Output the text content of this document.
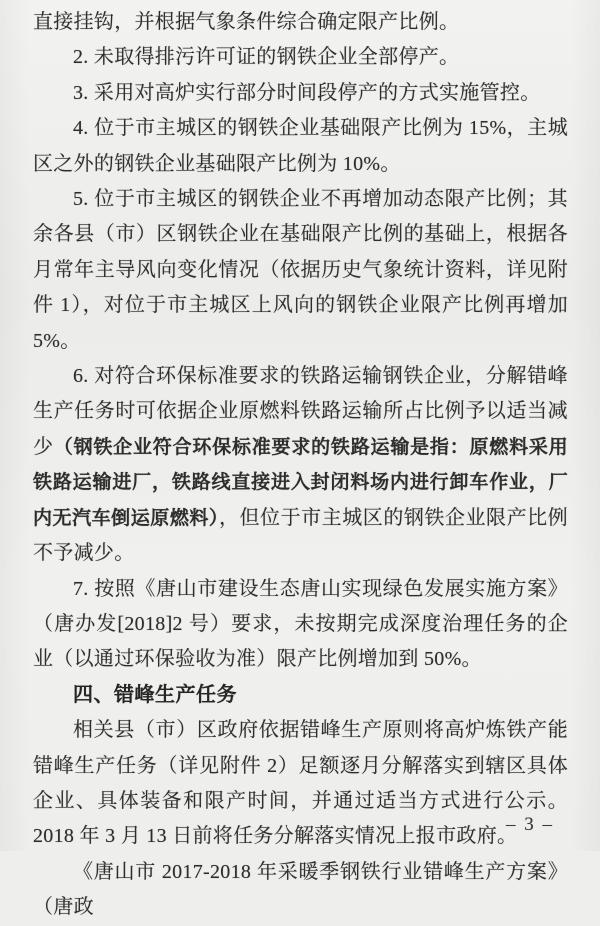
直接挂钩，并根据气象条件综合确定限产比例。

2. 未取得排污许可证的钢铁企业全部停产。

3. 采用对高炉实行部分时间段停产的方式实施管控。

4. 位于市主城区的钢铁企业基础限产比例为 15%，主城区之外的钢铁企业基础限产比例为 10%。

5. 位于市主城区的钢铁企业不再增加动态限产比例；其余各县（市）区钢铁企业在基础限产比例的基础上，根据各月常年主导风向变化情况（依据历史气象统计资料，详见附件 1），对位于市主城区上风向的钢铁企业限产比例再增加 5%。

6. 对符合环保标准要求的铁路运输钢铁企业，分解错峰生产任务时可依据企业原燃料铁路运输所占比例予以适当减少（钢铁企业符合环保标准要求的铁路运输是指：原燃料采用铁路运输进厂，铁路线直接进入封闭料场内进行卸车作业，厂内无汽车倒运原燃料），但位于市主城区的钢铁企业限产比例不予减少。

7. 按照《唐山市建设生态唐山实现绿色发展实施方案》（唐办发[2018]2 号）要求，未按期完成深度治理任务的企业（以通过环保验收为准）限产比例增加到 50%。

四、错峰生产任务

相关县（市）区政府依据错峰生产原则将高炉炼铁产能错峰生产任务（详见附件 2）足额逐月分解落实到辖区具体企业、具体装备和限产时间，并通过适当方式进行公示。2018 年 3 月 13 日前将任务分解落实情况上报市政府。

《唐山市 2017-2018 年采暖季钢铁行业错峰生产方案》（唐政

– 3 –
